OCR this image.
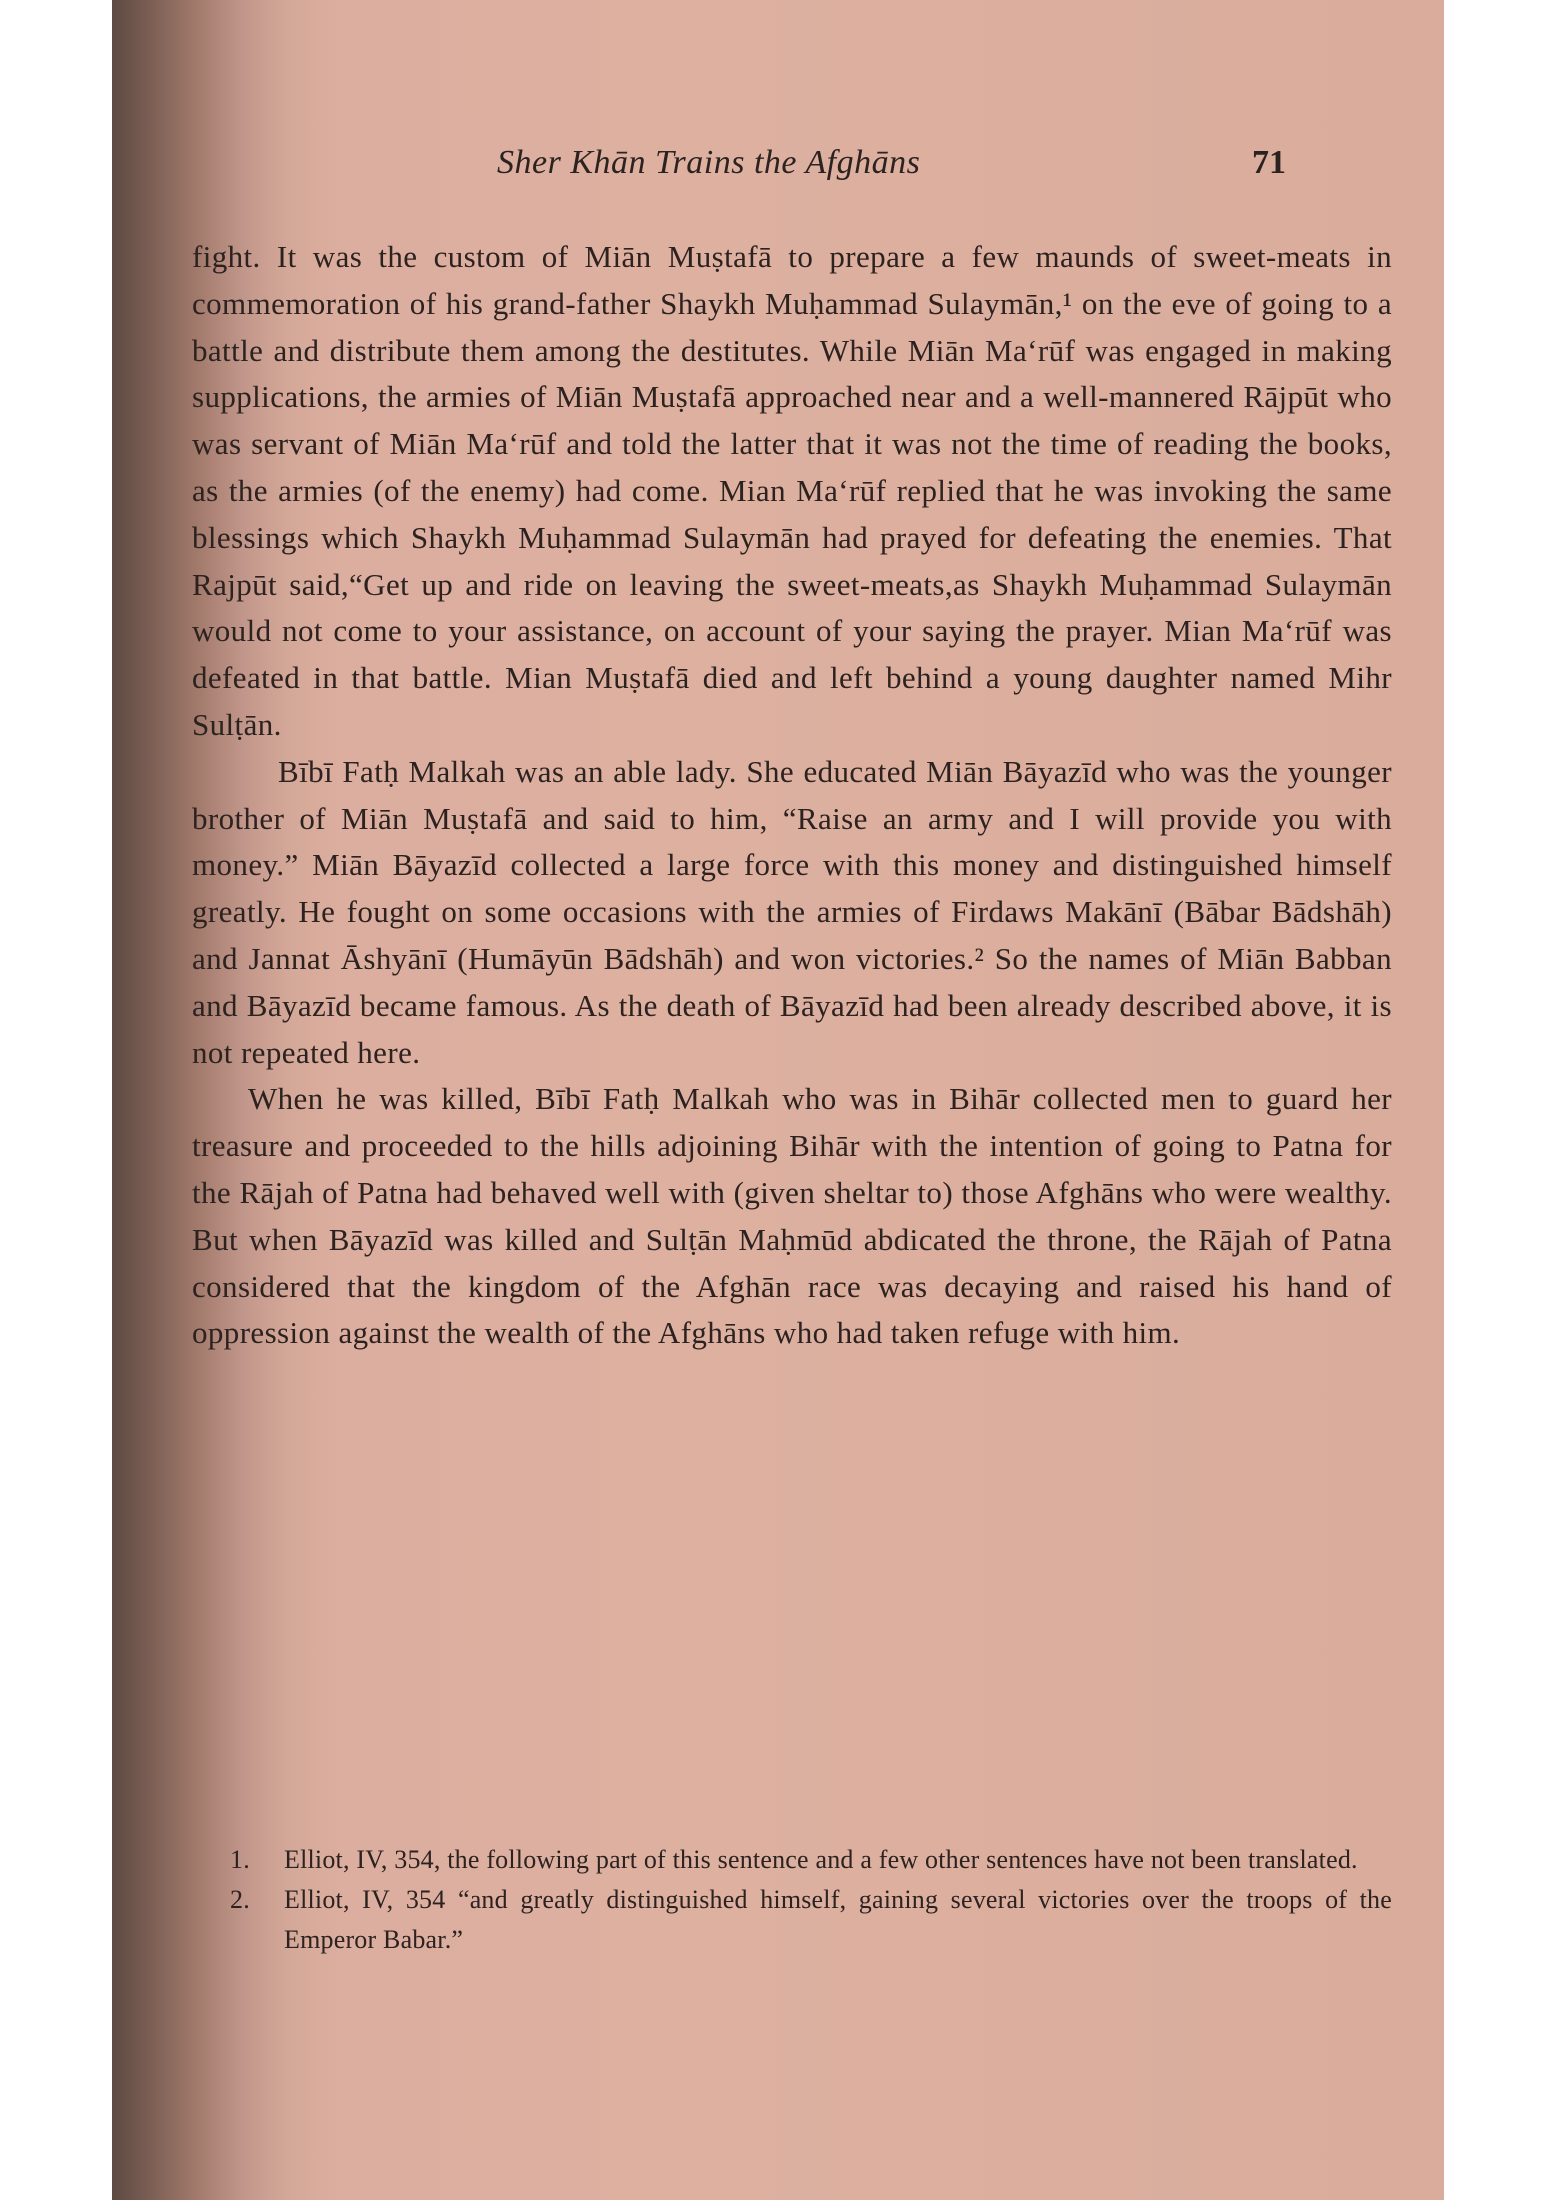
Sher Khān Trains the Afghāns	71

fight. It was the custom of Miān Muṣtafā to prepare a few maunds of sweet-meats in commemoration of his grand-father Shaykh Muḥammad Sulaymān,¹ on the eve of going to a battle and distribute them among the destitutes. While Miān Ma‘rūf was engaged in making supplications, the armies of Miān Muṣtafā approached near and a well-mannered Rājpūt who was servant of Miān Ma‘rūf and told the latter that it was not the time of reading the books, as the armies (of the enemy) had come. Mian Ma‘rūf replied that he was invoking the same blessings which Shaykh Muḥammad Sulaymān had prayed for defeating the enemies. That Rajpūt said,“Get up and ride on leaving the sweet-meats,as Shaykh Muḥammad Sulaymān would not come to your assistance, on account of your saying the prayer. Mian Ma‘rūf was defeated in that battle. Mian Muṣtafā died and left behind a young daughter named Mihr Sulṭān.

Bībī Fatḥ Malkah was an able lady. She educated Miān Bāyazīd who was the younger brother of Miān Muṣtafā and said to him, “Raise an army and I will provide you with money.” Miān Bāyazīd collected a large force with this money and distinguished himself greatly. He fought on some occasions with the armies of Firdaws Makānī (Bābar Bādshāh) and Jannat Āshyānī (Humāyūn Bādshāh) and won victories.² So the names of Miān Babban and Bāyazīd became famous. As the death of Bāyazīd had been already described above, it is not repeated here.

When he was killed, Bībī Fatḥ Malkah who was in Bihār collected men to guard her treasure and proceeded to the hills adjoining Bihār with the intention of going to Patna for the Rājah of Patna had behaved well with (given sheltar to) those Afghāns who were wealthy. But when Bāyazīd was killed and Sulṭān Maḥmūd abdicated the throne, the Rājah of Patna considered that the kingdom of the Afghān race was decaying and raised his hand of oppression against the wealth of the Afghāns who had taken refuge with him.

1.	Elliot, IV, 354, the following part of this sentence and a few other sentences have not been translated.
2.	Elliot, IV, 354 “and greatly distinguished himself, gaining several victories over the troops of the Emperor Babar.”
